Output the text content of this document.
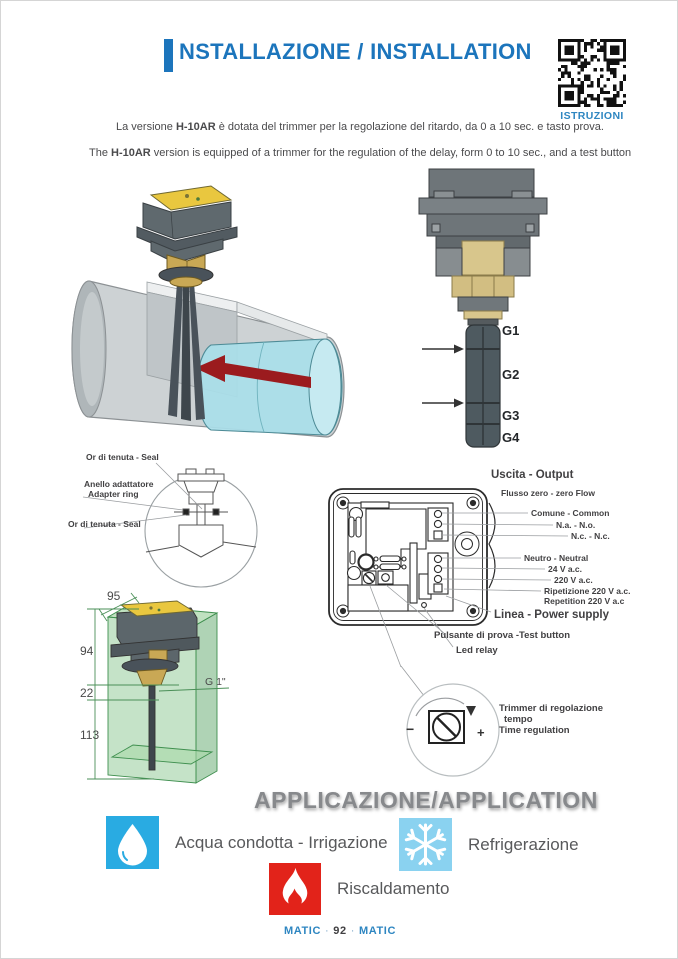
NSTALLAZIONE / INSTALLATION
ISTRUZIONI
La versione H-10AR è dotata del trimmer per la regolazione del ritardo, da 0 a 10 sec. e tasto prova.
The H-10AR version is equipped of a trimmer for the regulation of the delay, form 0 to 10 sec., and a test button
G1
G2
G3
G4
Or di tenuta - Seal
Anello adattatore
Adapter ring
Or di tenuta - Seal
Uscita - Output
Flusso zero - zero Flow
Comune - Common
N.a. - N.o.
N.c. - N.c.
Neutro - Neutral
24 V a.c.
220 V a.c.
Ripetizione 220 V a.c.
Repetition 220 V a.c
Linea - Power supply
Pulsante di prova -Test button
Led relay
95
94
22
113
G 1"
−	+
Trimmer di regolazione
tempo
Time regulation
APPLICAZIONE/APPLICATION
Acqua condotta - Irrigazione	Refrigerazione
Riscaldamento
MATIC · 92 · MATIC
